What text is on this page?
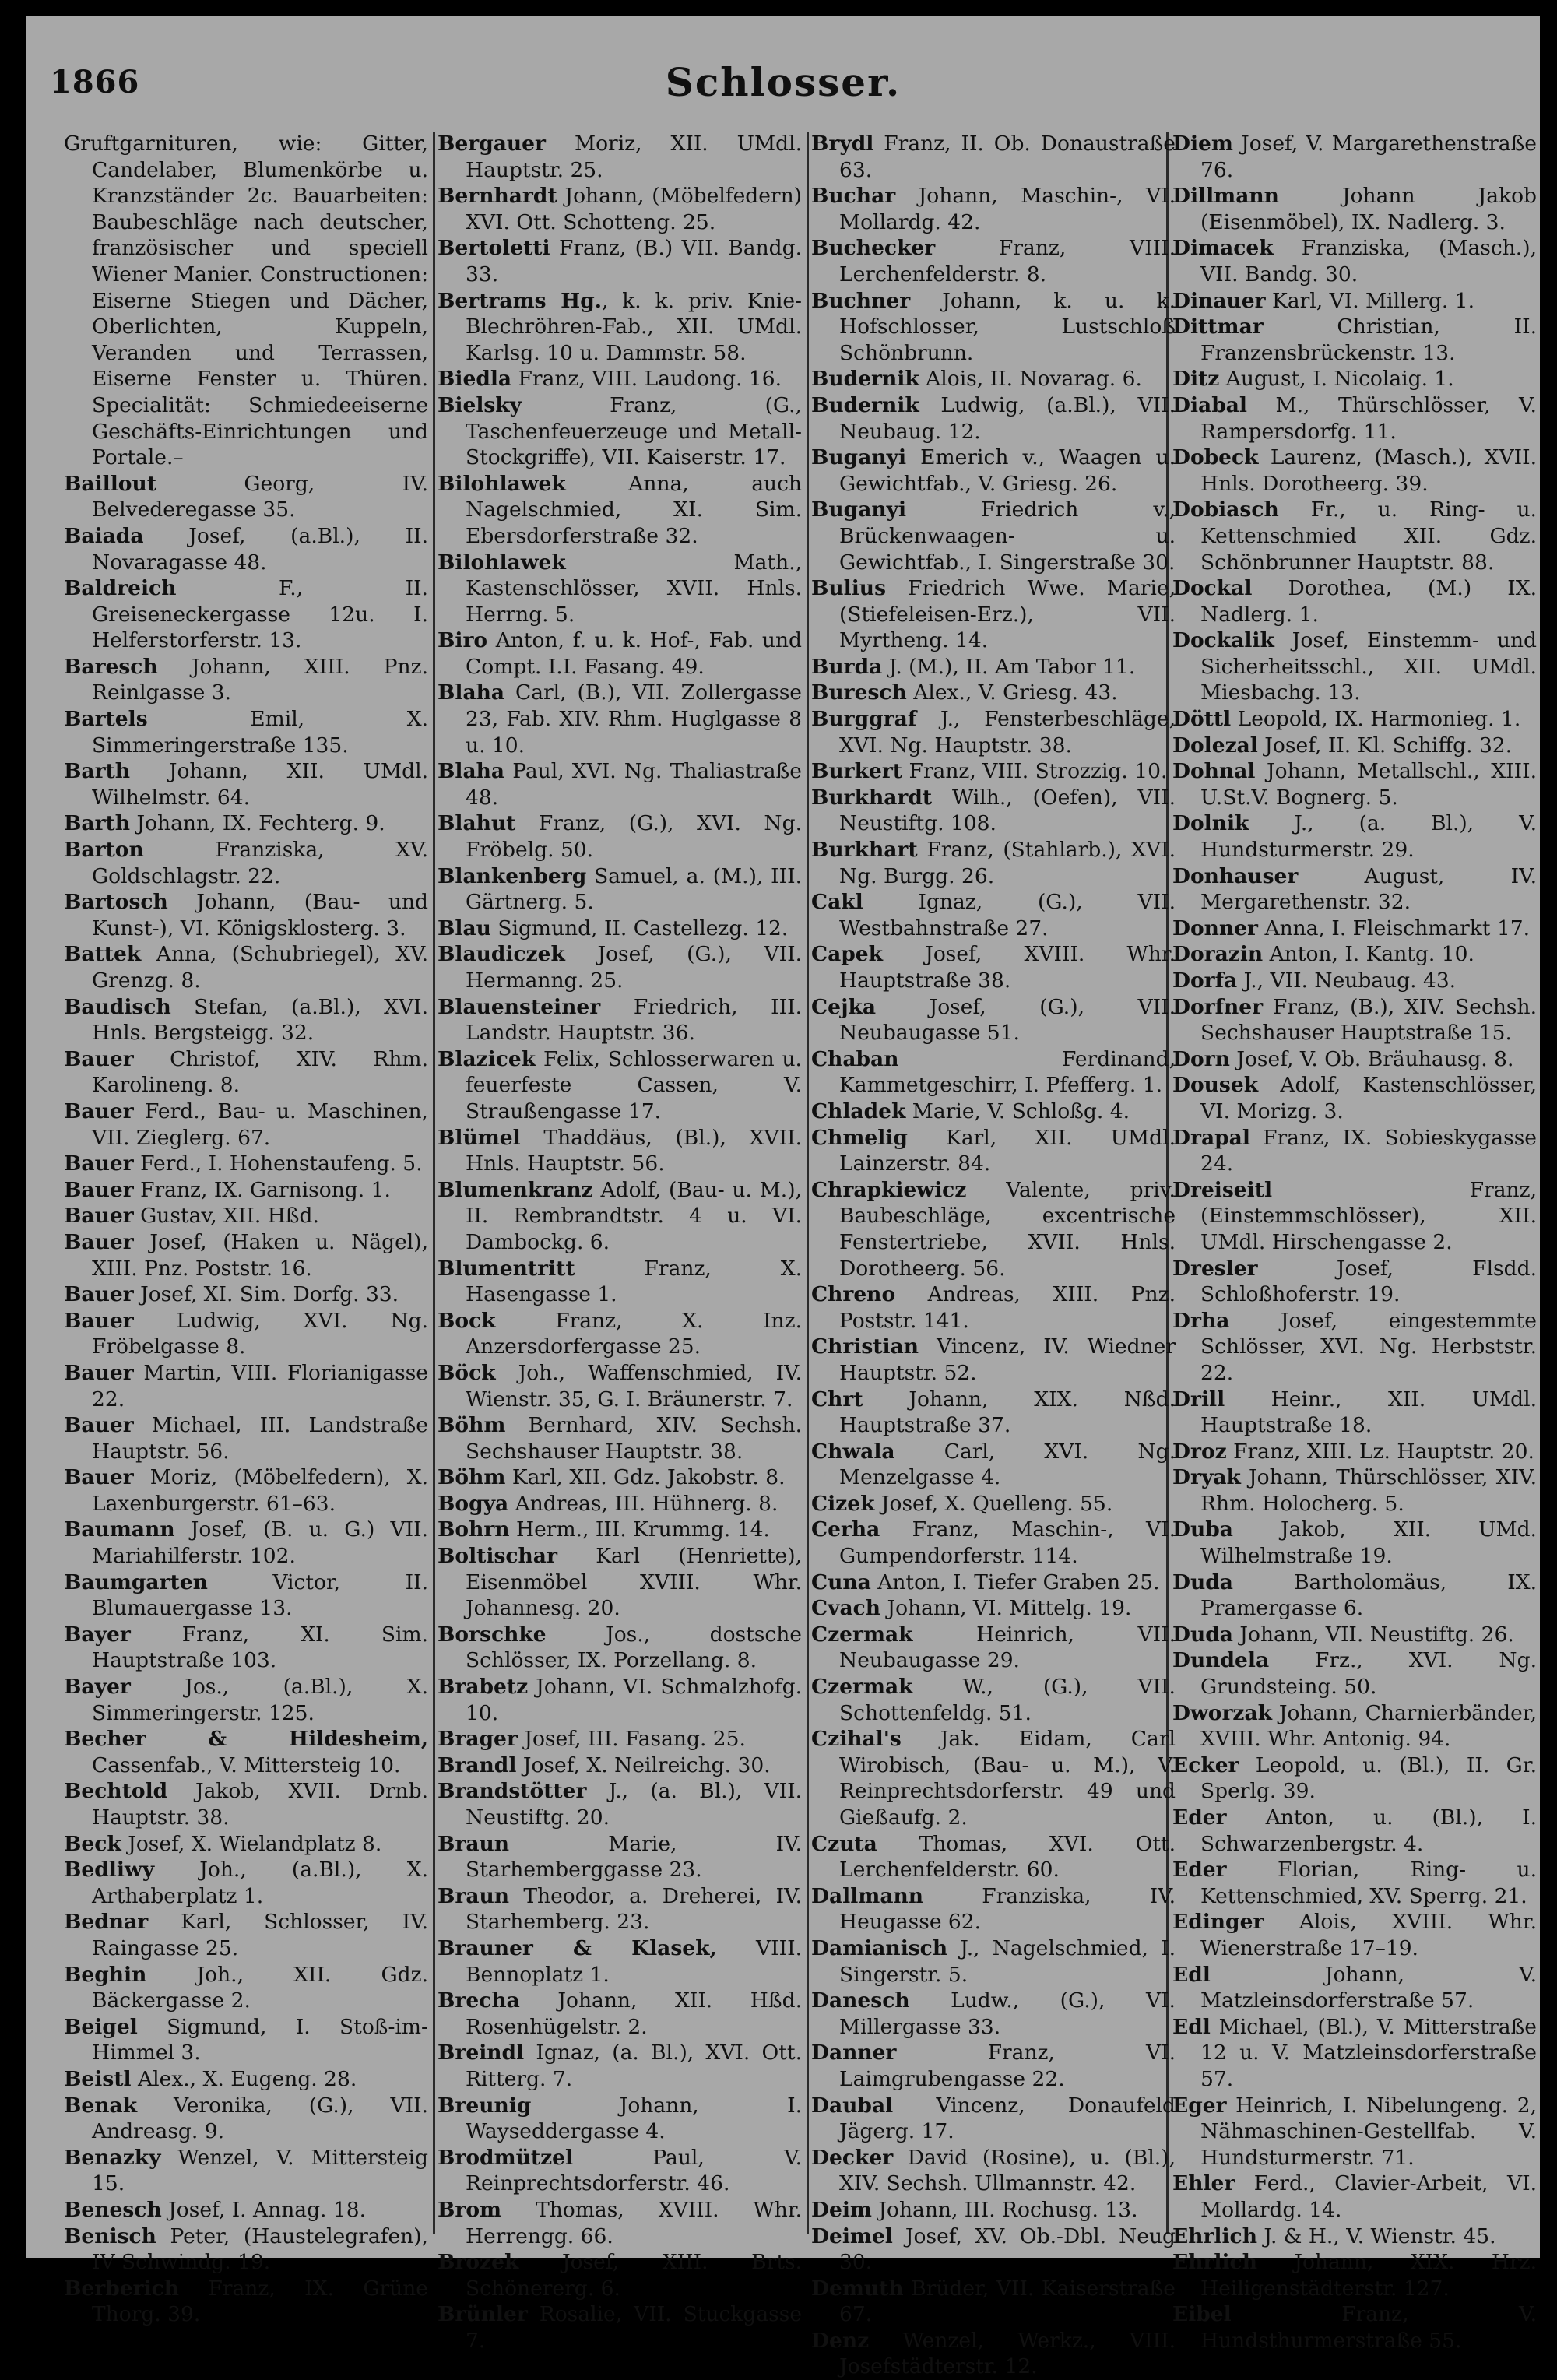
1866	Schlosser.

Gruftgarnituren, wie: Gitter, Candelaber, Blumenkörbe u. Kranzständer 2c. Bauarbeiten: Baubeschläge nach deutscher, französischer und speciell Wiener Manier. Constructionen: Eiserne Stiegen und Dächer, Oberlichten, Kuppeln, Veranden und Terrassen, Eiserne Fenster u. Thüren. Specialität: Schmiedeeiserne Geschäfts-Einrichtungen und Portale.–

Baillout Georg, IV. Belvederegasse 35.

Baiada Josef, (a.Bl.), II. Novaragasse 48.

Baldreich F., II. Greiseneckergasse 12u. I. Helferstorferstr. 13.

Baresch Johann, XIII. Pnz. Reinlgasse 3.

Bartels Emil, X. Simmeringerstraße 135.

Barth Johann, XII. UMdl. Wilhelmstr. 64.

Barth Johann, IX. Fechterg. 9.

Barton Franziska, XV. Goldschlagstr. 22.

Bartosch Johann, (Bau- und Kunst-), VI. Königsklosterg. 3.

Battek Anna, (Schubriegel), XV. Grenzg. 8.

Baudisch Stefan, (a.Bl.), XVI. Hnls. Bergsteigg. 32.

Bauer Christof, XIV. Rhm. Karolineng. 8.

Bauer Ferd., Bau- u. Maschinen, VII. Zieglerg. 67.

Bauer Ferd., I. Hohenstaufeng. 5.

Bauer Franz, IX. Garnisong. 1.

Bauer Gustav, XII. Hßd.

Bauer Josef, (Haken u. Nägel), XIII. Pnz. Poststr. 16.

Bauer Josef, XI. Sim. Dorfg. 33.

Bauer Ludwig, XVI. Ng. Fröbelgasse 8.

Bauer Martin, VIII. Florianigasse 22.

Bauer Michael, III. Landstraße Hauptstr. 56.

Bauer Moriz, (Möbelfedern), X. Laxenburgerstr. 61–63.

Baumann Josef, (B. u. G.) VII. Mariahilferstr. 102.

Baumgarten Victor, II. Blumauergasse 13.

Bayer Franz, XI. Sim. Hauptstraße 103.

Bayer Jos., (a.Bl.), X. Simmeringerstr. 125.

Becher & Hildesheim, Cassenfab., V. Mittersteig 10.

Bechtold Jakob, XVII. Drnb. Hauptstr. 38.

Beck Josef, X. Wielandplatz 8.

Bedliwy Joh., (a.Bl.), X. Arthaberplatz 1.

Bednar Karl, Schlosser, IV. Raingasse 25.

Beghin Joh., XII. Gdz. Bäckergasse 2.

Beigel Sigmund, I. Stoß-im-Himmel 3.

Beistl Alex., X. Eugeng. 28.

Benak Veronika, (G.), VII. Andreasg. 9.

Benazky Wenzel, V. Mittersteig 15.

Benesch Josef, I. Annag. 18.

Benisch Peter, (Haustelegrafen), IV Schwindg. 19.

Berberich Franz, IX. Grüne Thorg. 39.

Bergauer Moriz, XII. UMdl. Hauptstr. 25.

Bernhardt Johann, (Möbelfedern) XVI. Ott. Schotteng. 25.

Bertoletti Franz, (B.) VII. Bandg. 33.

Bertrams Hg., k. k. priv. Knie-Blechröhren-Fab., XII. UMdl. Karlsg. 10 u. Dammstr. 58.

Biedla Franz, VIII. Laudong. 16.

Bielsky Franz, (G., Taschenfeuerzeuge und Metall-Stockgriffe), VII. Kaiserstr. 17.

Bilohlawek Anna, auch Nagelschmied, XI. Sim. Ebersdorferstraße 32.

Bilohlawek Math., Kastenschlösser, XVII. Hnls. Herrng. 5.

Biro Anton, f. u. k. Hof-, Fab. und Compt. I.I. Fasang. 49.

Blaha Carl, (B.), VII. Zollergasse 23, Fab. XIV. Rhm. Huglgasse 8 u. 10.

Blaha Paul, XVI. Ng. Thaliastraße 48.

Blahut Franz, (G.), XVI. Ng. Fröbelg. 50.

Blankenberg Samuel, a. (M.), III. Gärtnerg. 5.

Blau Sigmund, II. Castellezg. 12.

Blaudiczek Josef, (G.), VII. Hermanng. 25.

Blauensteiner Friedrich, III. Landstr. Hauptstr. 36.

Blazicek Felix, Schlosserwaren u. feuerfeste Cassen, V. Straußengasse 17.

Blümel Thaddäus, (Bl.), XVII. Hnls. Hauptstr. 56.

Blumenkranz Adolf, (Bau- u. M.), II. Rembrandtstr. 4 u. VI. Dambockg. 6.

Blumentritt Franz, X. Hasengasse 1.

Bock Franz, X. Inz. Anzersdorfergasse 25.

Böck Joh., Waffenschmied, IV. Wienstr. 35, G. I. Bräunerstr. 7.

Böhm Bernhard, XIV. Sechsh. Sechshauser Hauptstr. 38.

Böhm Karl, XII. Gdz. Jakobstr. 8.

Bogya Andreas, III. Hühnerg. 8.

Bohrn Herm., III. Krummg. 14.

Boltischar Karl (Henriette), Eisenmöbel XVIII. Whr. Johannesg. 20.

Borschke Jos., dostsche Schlösser, IX. Porzellang. 8.

Brabetz Johann, VI. Schmalzhofg. 10.

Brager Josef, III. Fasang. 25.

Brandl Josef, X. Neilreichg. 30.

Brandstötter J., (a. Bl.), VII. Neustiftg. 20.

Braun Marie, IV. Starhemberggasse 23.

Braun Theodor, a. Dreherei, IV. Starhemberg. 23.

Brauner & Klasek, VIII. Bennoplatz 1.

Brecha Johann, XII. Hßd. Rosenhügelstr. 2.

Breindl Ignaz, (a. Bl.), XVI. Ott. Ritterg. 7.

Breunig Johann, I. Wayseddergasse 4.

Brodmützel Paul, V. Reinprechtsdorferstr. 46.

Brom Thomas, XVIII. Whr. Herrengg. 66.

Brozek Josef, XIII. Brts. Schönererg. 6.

Brünler Rosalie, VII. Stuckgasse 7.

Brydl Franz, II. Ob. Donaustraße 63.

Buchar Johann, Maschin-, VI. Mollardg. 42.

Buchecker Franz, VIII. Lerchenfelderstr. 8.

Buchner Johann, k. u. k. Hofschlosser, Lustschloß Schönbrunn.

Budernik Alois, II. Novarag. 6.

Budernik Ludwig, (a.Bl.), VII. Neubaug. 12.

Buganyi Emerich v., Waagen u. Gewichtfab., V. Griesg. 26.

Buganyi Friedrich v., Brückenwaagen- u. Gewichtfab., I. Singerstraße 30.

Bulius Friedrich Wwe. Marie, (Stiefeleisen-Erz.), VII. Myrtheng. 14.

Burda J. (M.), II. Am Tabor 11.

Buresch Alex., V. Griesg. 43.

Burggraf J., Fensterbeschläge, XVI. Ng. Hauptstr. 38.

Burkert Franz, VIII. Strozzig. 10.

Burkhardt Wilh., (Oefen), VII. Neustiftg. 108.

Burkhart Franz, (Stahlarb.), XVI. Ng. Burgg. 26.

Cakl Ignaz, (G.), VII. Westbahnstraße 27.

Capek Josef, XVIII. Whr. Hauptstraße 38.

Cejka Josef, (G.), VII. Neubaugasse 51.

Chaban Ferdinand, Kammetgeschirr, I. Pfefferg. 1.

Chladek Marie, V. Schloßg. 4.

Chmelig Karl, XII. UMdl. Lainzerstr. 84.

Chrapkiewicz Valente, priv. Baubeschläge, excentrische Fenstertriebe, XVII. Hnls. Dorotheerg. 56.

Chreno Andreas, XIII. Pnz. Poststr. 141.

Christian Vincenz, IV. Wiedner Hauptstr. 52.

Chrt Johann, XIX. Nßd. Hauptstraße 37.

Chwala Carl, XVI. Ng. Menzelgasse 4.

Cizek Josef, X. Quelleng. 55.

Cerha Franz, Maschin-, VI. Gumpendorferstr. 114.

Cuna Anton, I. Tiefer Graben 25.

Cvach Johann, VI. Mittelg. 19.

Czermak Heinrich, VII. Neubaugasse 29.

Czermak W., (G.), VII. Schottenfeldg. 51.

Czihal's Jak. Eidam, Carl Wirobisch, (Bau- u. M.), V. Reinprechtsdorferstr. 49 und Gießaufg. 2.

Czuta Thomas, XVI. Ott. Lerchenfelderstr. 60.

Dallmann Franziska, IV. Heugasse 62.

Damianisch J., Nagelschmied, I. Singerstr. 5.

Danesch Ludw., (G.), VI. Millergasse 33.

Danner Franz, VI. Laimgrubengasse 22.

Daubal Vincenz, Donaufeld Jägerg. 17.

Decker David (Rosine), u. (Bl.), XIV. Sechsh. Ullmannstr. 42.

Deim Johann, III. Rochusg. 13.

Deimel Josef, XV. Ob.-Dbl. Neug 30.

Demuth Brüder, VII. Kaiserstraße 67.

Denz Wenzel, Werkz., VIII. Josefstädterstr. 12.

Diem Josef, V. Margarethenstraße 76.

Dillmann Johann Jakob (Eisenmöbel), IX. Nadlerg. 3.

Dimacek Franziska, (Masch.), VII. Bandg. 30.

Dinauer Karl, VI. Millerg. 1.

Dittmar Christian, II. Franzensbrückenstr. 13.

Ditz August, I. Nicolaig. 1.

Diabal M., Thürschlösser, V. Rampersdorfg. 11.

Dobeck Laurenz, (Masch.), XVII. Hnls. Dorotheerg. 39.

Dobiasch Fr., u. Ring- u. Kettenschmied XII. Gdz. Schönbrunner Hauptstr. 88.

Dockal Dorothea, (M.) IX. Nadlerg. 1.

Dockalik Josef, Einstemm- und Sicherheitsschl., XII. UMdl. Miesbachg. 13.

Döttl Leopold, IX. Harmonieg. 1.

Dolezal Josef, II. Kl. Schiffg. 32.

Dohnal Johann, Metallschl., XIII. U.St.V. Bognerg. 5.

Dolnik J., (a. Bl.), V. Hundsturmerstr. 29.

Donhauser August, IV. Mergarethenstr. 32.

Donner Anna, I. Fleischmarkt 17.

Dorazin Anton, I. Kantg. 10.

Dorfa J., VII. Neubaug. 43.

Dorfner Franz, (B.), XIV. Sechsh. Sechshauser Hauptstraße 15.

Dorn Josef, V. Ob. Bräuhausg. 8.

Dousek Adolf, Kastenschlösser, VI. Morizg. 3.

Drapal Franz, IX. Sobieskygasse 24.

Dreiseitl Franz, (Einstemmschlösser), XII. UMdl. Hirschengasse 2.

Dresler Josef, Flsdd. Schloßhoferstr. 19.

Drha Josef, eingestemmte Schlösser, XVI. Ng. Herbststr. 22.

Drill Heinr., XII. UMdl. Hauptstraße 18.

Droz Franz, XIII. Lz. Hauptstr. 20.

Dryak Johann, Thürschlösser, XIV. Rhm. Holocherg. 5.

Duba Jakob, XII. UMd. Wilhelmstraße 19.

Duda Bartholomäus, IX. Pramergasse 6.

Duda Johann, VII. Neustiftg. 26.

Dundela Frz., XVI. Ng. Grundsteing. 50.

Dworzak Johann, Charnierbänder, XVIII. Whr. Antonig. 94.

Ecker Leopold, u. (Bl.), II. Gr. Sperlg. 39.

Eder Anton, u. (Bl.), I. Schwarzenbergstr. 4.

Eder Florian, Ring- u. Kettenschmied, XV. Sperrg. 21.

Edinger Alois, XVIII. Whr. Wienerstraße 17–19.

Edl Johann, V. Matzleinsdorferstraße 57.

Edl Michael, (Bl.), V. Mitterstraße 12 u. V. Matzleinsdorferstraße 57.

Eger Heinrich, I. Nibelungeng. 2, Nähmaschinen-Gestellfab. V. Hundsturmerstr. 71.

Ehler Ferd., Clavier-Arbeit, VI. Mollardg. 14.

Ehrlich J. & H., V. Wienstr. 45.

Ehrlich Johann, XIX. Hrz. Heiligenstädterstr. 127.

Eibel Franz, V. Hundsthurmerstraße 55.
